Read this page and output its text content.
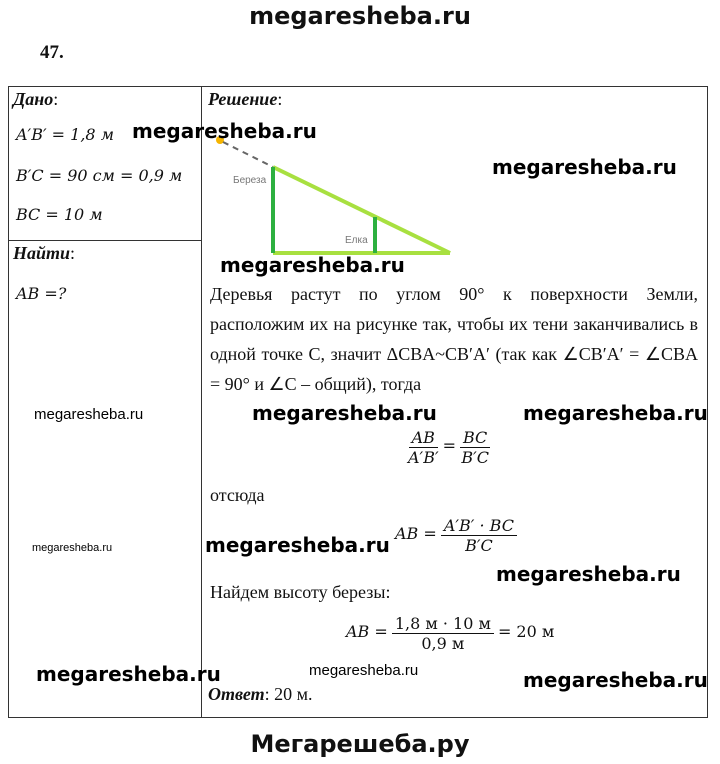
megaresheba.ru
47.
Дано:
A′B′ = 1,8 м
B′C = 90 см = 0,9 м
BC = 10 м
Найти:
AB =?
Решение:
Береза
Елка
Деревья растут по углом 90° к поверхности Земли, расположим их на рисунке так, чтобы их тени заканчивались в одной точке C, значит ΔCBA~CB′A′ (так как ∠CB′A′ = ∠CBA = 90° и ∠C – общий), тогда
$\frac{AB}{A'B'} = \frac{BC}{B'C}$
отсюда
AB = $\frac{A'B' \cdot BC}{B'C}$
Найдем высоту березы:
AB = $\frac{1,8 м \cdot 10 м}{0,9 м} = 20$ м
Ответ: 20 м.
megaresheba.ru
megaresheba.ru
megaresheba.ru
megaresheba.ru	megaresheba.ru
megaresheba.ru
megaresheba.ru
megaresheba.ru	megaresheba.ru
megaresheba.ru
megaresheba.ru
megaresheba.ru
Мегарешеба.ру
